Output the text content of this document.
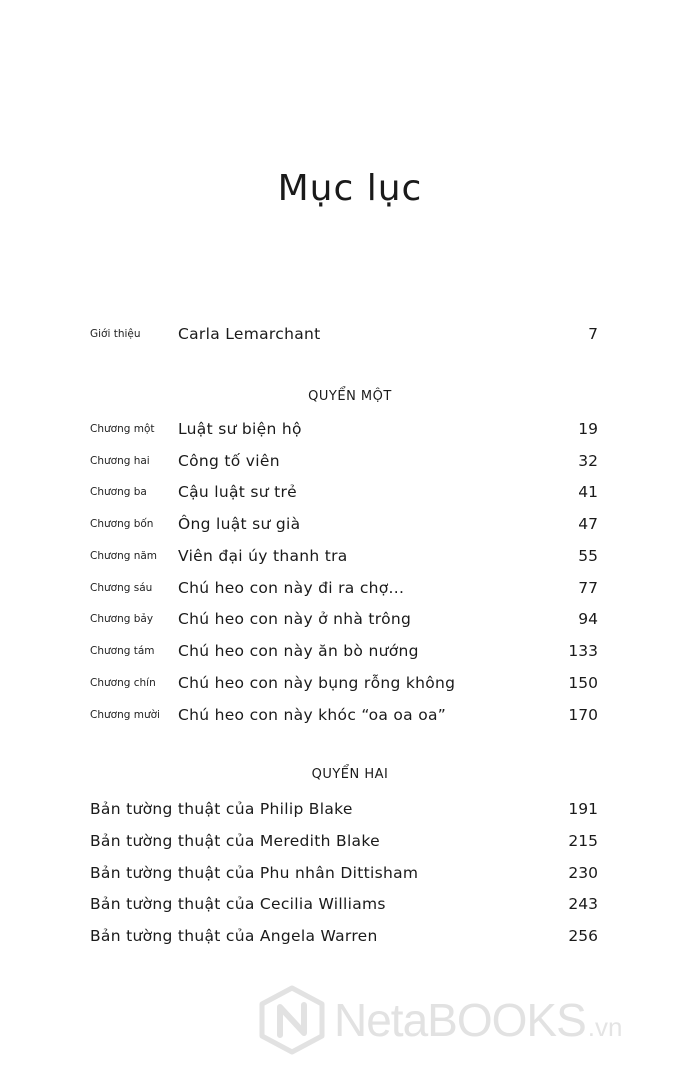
Mục lục
Giới thiệu	Carla Lemarchant	7
QUYỂN MỘT
Chương một	Luật sư biện hộ	19
Chương hai	Công tố viên	32
Chương ba	Cậu luật sư trẻ	41
Chương bốn	Ông luật sư già	47
Chương năm	Viên đại úy thanh tra	55
Chương sáu	Chú heo con này đi ra chợ...	77
Chương bảy	Chú heo con này ở nhà trông	94
Chương tám	Chú heo con này ăn bò nướng	133
Chương chín	Chú heo con này bụng rỗng không	150
Chương mười	Chú heo con này khóc “oa oa oa”	170
QUYỂN HAI
Bản tường thuật của Philip Blake	191
Bản tường thuật của Meredith Blake	215
Bản tường thuật của Phu nhân Dittisham	230
Bản tường thuật của Cecilia Williams	243
Bản tường thuật của Angela Warren	256
NetaBOOKS .vn
